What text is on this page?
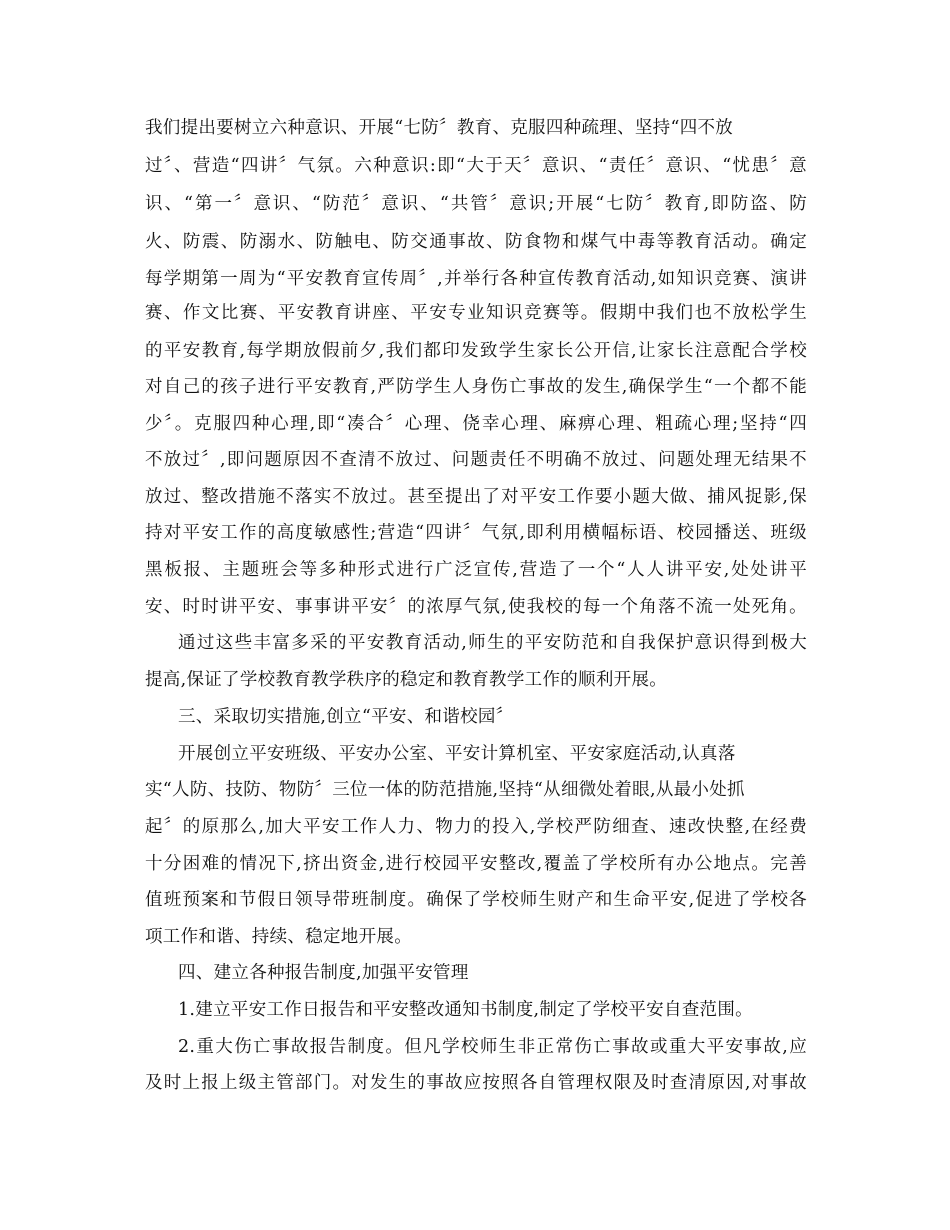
我们提出要树立六种意识、开展“七防〞教育、克服四种疏理、坚持“四不放
过〞、营造“四讲〞气氛。六种意识:即“大于天〞意识、“责任〞意识、“忧患〞意
识、“第一〞意识、“防范〞意识、“共管〞意识;开展“七防〞教育,即防盗、防
火、防震、防溺水、防触电、防交通事故、防食物和煤气中毒等教育活动。确定
每学期第一周为“平安教育宣传周〞,并举行各种宣传教育活动,如知识竞赛、演讲
赛、作文比赛、平安教育讲座、平安专业知识竞赛等。假期中我们也不放松学生
的平安教育,每学期放假前夕,我们都印发致学生家长公开信,让家长注意配合学校
对自己的孩子进行平安教育,严防学生人身伤亡事故的发生,确保学生“一个都不能
少〞。克服四种心理,即“凑合〞心理、侥幸心理、麻痹心理、粗疏心理;坚持“四
不放过〞,即问题原因不查清不放过、问题责任不明确不放过、问题处理无结果不
放过、整改措施不落实不放过。甚至提出了对平安工作要小题大做、捕风捉影,保
持对平安工作的高度敏感性;营造“四讲〞气氛,即利用横幅标语、校园播送、班级
黑板报、主题班会等多种形式进行广泛宣传,营造了一个“人人讲平安,处处讲平
安、时时讲平安、事事讲平安〞的浓厚气氛,使我校的每一个角落不流一处死角。
通过这些丰富多采的平安教育活动,师生的平安防范和自我保护意识得到极大
提高,保证了学校教育教学秩序的稳定和教育教学工作的顺利开展。
三、采取切实措施,创立“平安、和谐校园〞
开展创立平安班级、平安办公室、平安计算机室、平安家庭活动,认真落
实“人防、技防、物防〞三位一体的防范措施,坚持“从细微处着眼,从最小处抓
起〞的原那么,加大平安工作人力、物力的投入,学校严防细查、速改快整,在经费
十分困难的情况下,挤出资金,进行校园平安整改,覆盖了学校所有办公地点。完善
值班预案和节假日领导带班制度。确保了学校师生财产和生命平安,促进了学校各
项工作和谐、持续、稳定地开展。
四、建立各种报告制度,加强平安管理
1.建立平安工作日报告和平安整改通知书制度,制定了学校平安自查范围。
2.重大伤亡事故报告制度。但凡学校师生非正常伤亡事故或重大平安事故,应
及时上报上级主管部门。对发生的事故应按照各自管理权限及时查清原因,对事故
